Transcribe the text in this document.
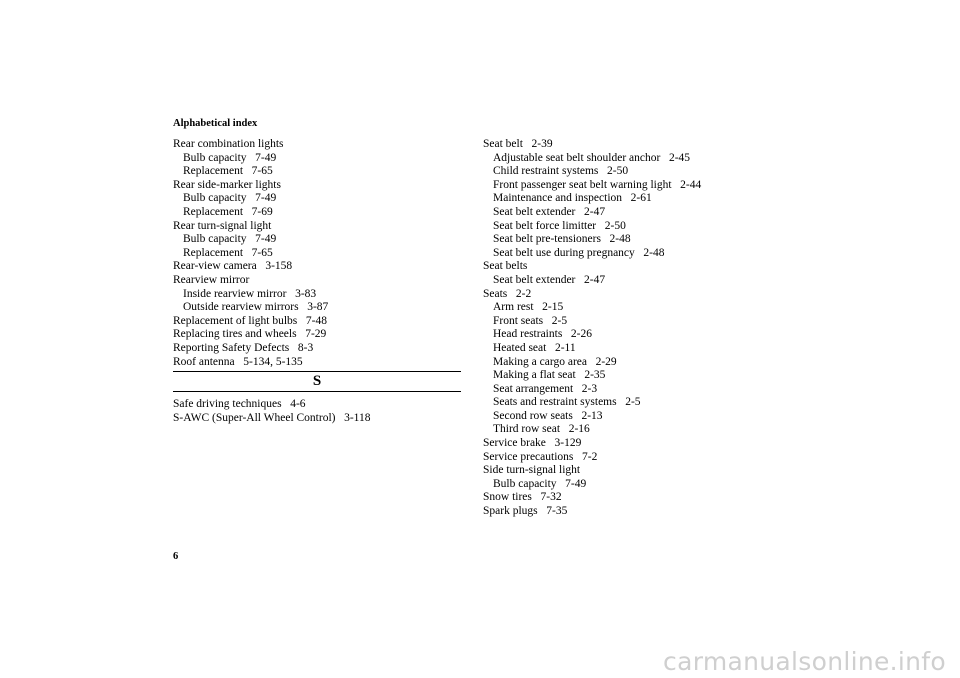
Alphabetical index
Rear combination lights
Bulb capacity   7-49
Replacement   7-65
Rear side-marker lights
Bulb capacity   7-49
Replacement   7-69
Rear turn-signal light
Bulb capacity   7-49
Replacement   7-65
Rear-view camera   3-158
Rearview mirror
Inside rearview mirror   3-83
Outside rearview mirrors   3-87
Replacement of light bulbs   7-48
Replacing tires and wheels   7-29
Reporting Safety Defects   8-3
Roof antenna   5-134, 5-135
S
Safe driving techniques   4-6
S-AWC (Super-All Wheel Control)   3-118
Seat belt   2-39
Adjustable seat belt shoulder anchor   2-45
Child restraint systems   2-50
Front passenger seat belt warning light   2-44
Maintenance and inspection   2-61
Seat belt extender   2-47
Seat belt force limitter   2-50
Seat belt pre-tensioners   2-48
Seat belt use during pregnancy   2-48
Seat belts
Seat belt extender   2-47
Seats   2-2
Arm rest   2-15
Front seats   2-5
Head restraints   2-26
Heated seat   2-11
Making a cargo area   2-29
Making a flat seat   2-35
Seat arrangement   2-3
Seats and restraint systems   2-5
Second row seats   2-13
Third row seat   2-16
Service brake   3-129
Service precautions   7-2
Side turn-signal light
Bulb capacity   7-49
Snow tires   7-32
Spark plugs   7-35
6
carmanualsonline.info
